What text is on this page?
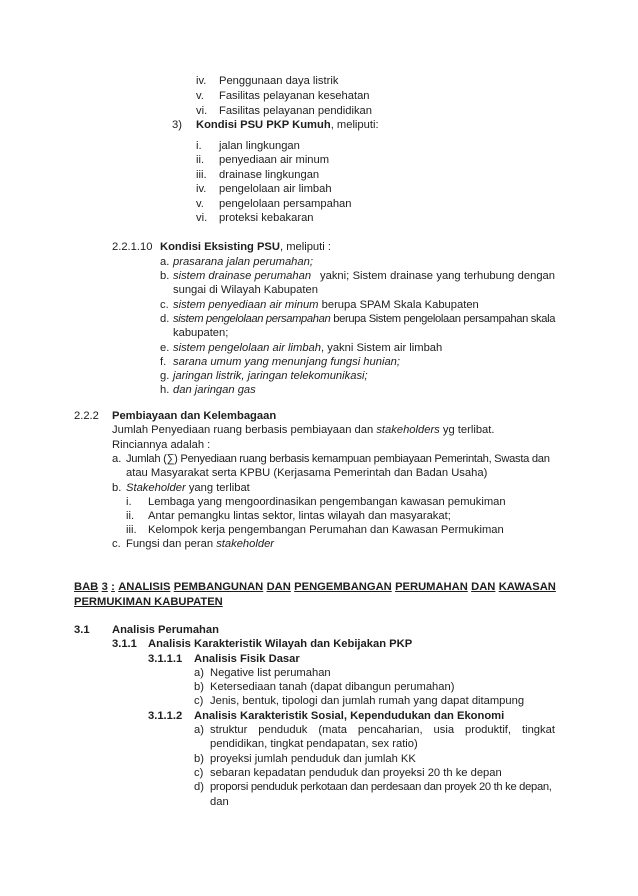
iv. Penggunaan daya listrik
v. Fasilitas pelayanan kesehatan
vi. Fasilitas pelayanan pendidikan
3) Kondisi PSU PKP Kumuh, meliputi:
i. jalan lingkungan
ii. penyediaan air minum
iii. drainase lingkungan
iv. pengelolaan air limbah
v. pengelolaan persampahan
vi. proteksi kebakaran
2.2.1.10 Kondisi Eksisting PSU, meliputi :
a. prasarana jalan perumahan;
b. sistem drainase perumahan yakni; Sistem drainase yang terhubung dengan
sungai di Wilayah Kabupaten
c. sistem penyediaan air minum berupa SPAM Skala Kabupaten
d. sistem pengelolaan persampahan berupa Sistem pengelolaan persampahan skala
kabupaten;
e. sistem pengelolaan air limbah, yakni Sistem air limbah
f. sarana umum yang menunjang fungsi hunian;
g. jaringan listrik, jaringan telekomunikasi;
h. dan jaringan gas
2.2.2 Pembiayaan dan Kelembagaan
Jumlah Penyediaan ruang berbasis pembiayaan dan stakeholders yg terlibat.
Rinciannya adalah :
a. Jumlah (∑) Penyediaan ruang berbasis kemampuan pembiayaan Pemerintah, Swasta dan
atau Masyarakat serta KPBU (Kerjasama Pemerintah dan Badan Usaha)
b. Stakeholder yang terlibat
i. Lembaga yang mengoordinasikan pengembangan kawasan pemukiman
ii. Antar pemangku lintas sektor, lintas wilayah dan masyarakat;
iii. Kelompok kerja pengembangan Perumahan dan Kawasan Permukiman
c. Fungsi dan peran stakeholder
BAB 3 : ANALISIS PEMBANGUNAN DAN PENGEMBANGAN PERUMAHAN DAN KAWASAN
PERMUKIMAN KABUPATEN
3.1 Analisis Perumahan
3.1.1 Analisis Karakteristik Wilayah dan Kebijakan PKP
3.1.1.1 Analisis Fisik Dasar
a) Negative list perumahan
b) Ketersediaan tanah (dapat dibangun perumahan)
c) Jenis, bentuk, tipologi dan jumlah rumah yang dapat ditampung
3.1.1.2 Analisis Karakteristik Sosial, Kependudukan dan Ekonomi
a) struktur penduduk (mata pencaharian, usia produktif, tingkat
pendidikan, tingkat pendapatan, sex ratio)
b) proyeksi jumlah penduduk dan jumlah KK
c) sebaran kepadatan penduduk dan proyeksi 20 th ke depan
d) proporsi penduduk perkotaan dan perdesaan dan proyek 20 th ke depan,
dan
